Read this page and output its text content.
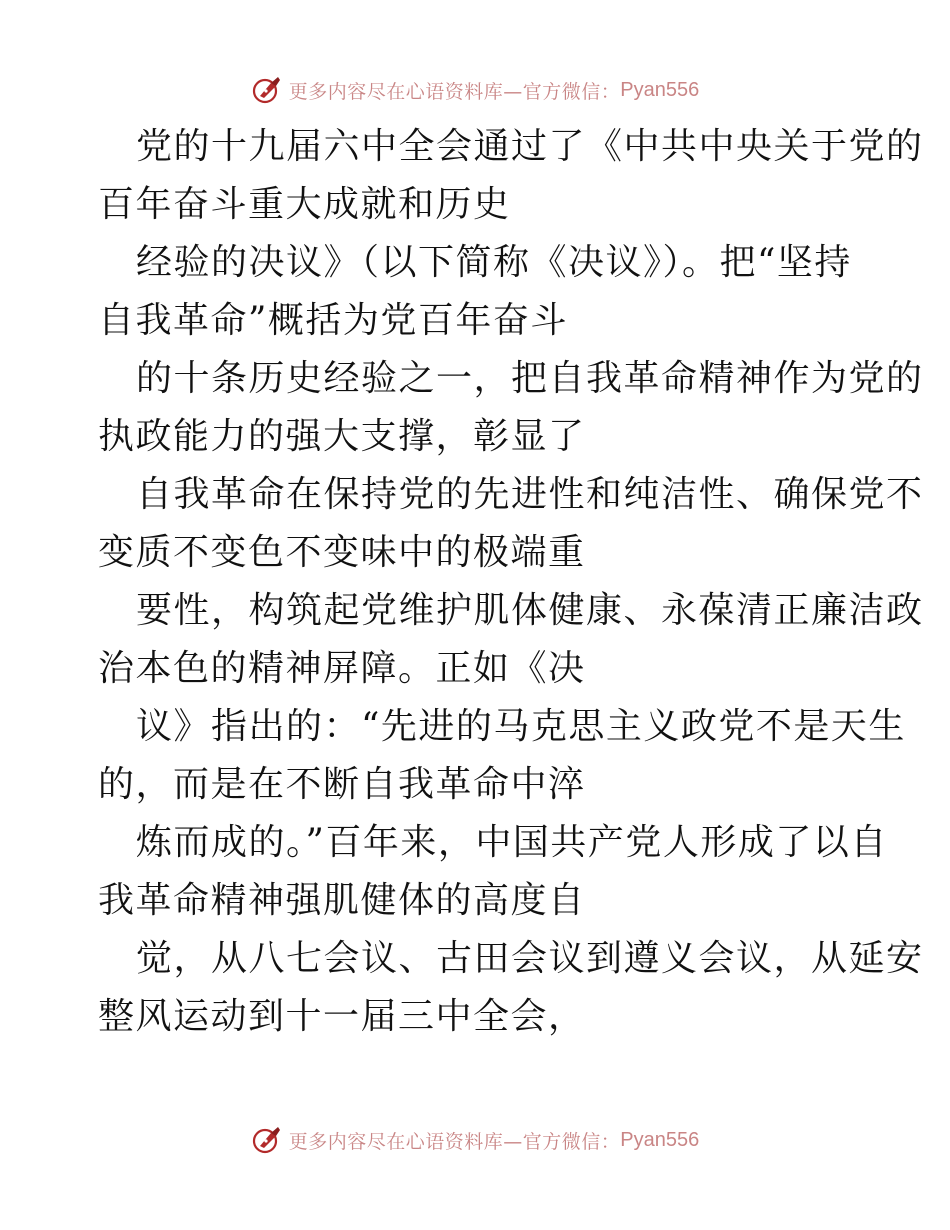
更多内容尽在心语资料库—官方微信： Pyan556
党的十九届六中全会通过了《中共中央关于党的
百年奋斗重大成就和历史
经验的决议》（以下简称《决议》）。把“坚持
自我革命”概括为党百年奋斗
的十条历史经验之一，把自我革命精神作为党的
执政能力的强大支撑，彰显了
自我革命在保持党的先进性和纯洁性、确保党不
变质不变色不变味中的极端重
要性，构筑起党维护肌体健康、永葆清正廉洁政
治本色的精神屏障。正如《决
议》指出的：“先进的马克思主义政党不是天生
的，而是在不断自我革命中淬
炼而成的。”百年来，中国共产党人形成了以自
我革命精神强肌健体的高度自
觉，从八七会议、古田会议到遵义会议，从延安
整风运动到十一届三中全会，
更多内容尽在心语资料库—官方微信： Pyan556
